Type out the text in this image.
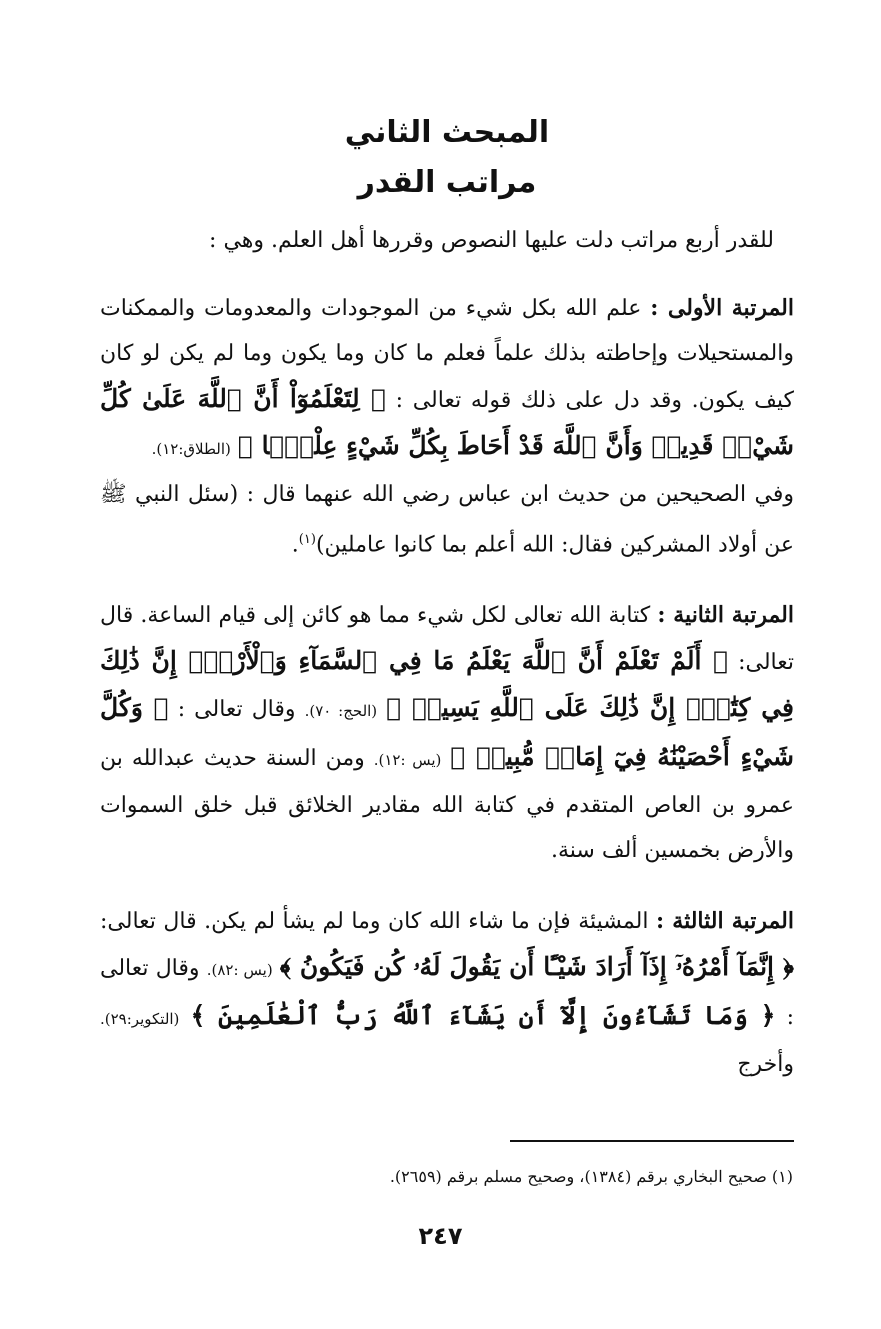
المبحث الثاني
مراتب القدر

للقدر أربع مراتب دلت عليها النصوص وقررها أهل العلم. وهي :

المرتبة الأولى : علم الله بكل شيء من الموجودات والمعدومات والممكنات والمستحيلات وإحاطته بذلك علماً فعلم ما كان وما يكون وما لم يكن لو كان كيف يكون. وقد دل على ذلك قوله تعالى : ﴿ لِتَعْلَمُوٓاْ أَنَّ ٱللَّهَ عَلَىٰ كُلِّ شَيْءٖ قَدِيرٞ وَأَنَّ ٱللَّهَ قَدْ أَحَاطَ بِكُلِّ شَيْءٍ عِلْمَۢا ﴾ (الطلاق:١٢).

وفي الصحيحين من حديث ابن عباس رضي الله عنهما قال : (سئل النبي ﷺ عن أولاد المشركين فقال: الله أعلم بما كانوا عاملين)$^{(١)}$.

المرتبة الثانية : كتابة الله تعالى لكل شيء مما هو كائن إلى قيام الساعة. قال تعالى: ﴿ أَلَمْ تَعْلَمْ أَنَّ ٱللَّهَ يَعْلَمُ مَا فِي ٱلسَّمَآءِ وَٱلْأَرْضِۚ إِنَّ ذَٰلِكَ فِي كِتَٰبٍۚ إِنَّ ذَٰلِكَ عَلَى ٱللَّهِ يَسِيرٞ ﴾ (الحج: ٧٠). وقال تعالى : ﴿ وَكُلَّ شَيْءٍ أَحْصَيْنَٰهُ فِيٓ إِمَامٖ مُّبِينٖ ﴾ (يس :١٢). ومن السنة حديث عبدالله بن عمرو بن العاص المتقدم في كتابة الله مقادير الخلائق قبل خلق السموات والأرض بخمسين ألف سنة.

المرتبة الثالثة : المشيئة فإن ما شاء الله كان وما لم يشأ لم يكن. قال تعالى: ﴿ إِنَّمَآ أَمْرُهُۥٓ إِذَآ أَرَادَ شَيْـًٔا أَن يَقُولَ لَهُۥ كُن فَيَكُونُ ﴾ (يس :٨٢). وقال تعالى : ﴿ وَمَا تَشَآءُونَ إِلَّآ أَن يَشَآءَ ٱللَّهُ رَبُّ ٱلْعَٰلَمِينَ ﴾ (التكوير:٢٩). وأخرج

(١) صحيح البخاري برقم (١٣٨٤)، وصحيح مسلم برقم (٢٦٥٩).
٢٤٧
